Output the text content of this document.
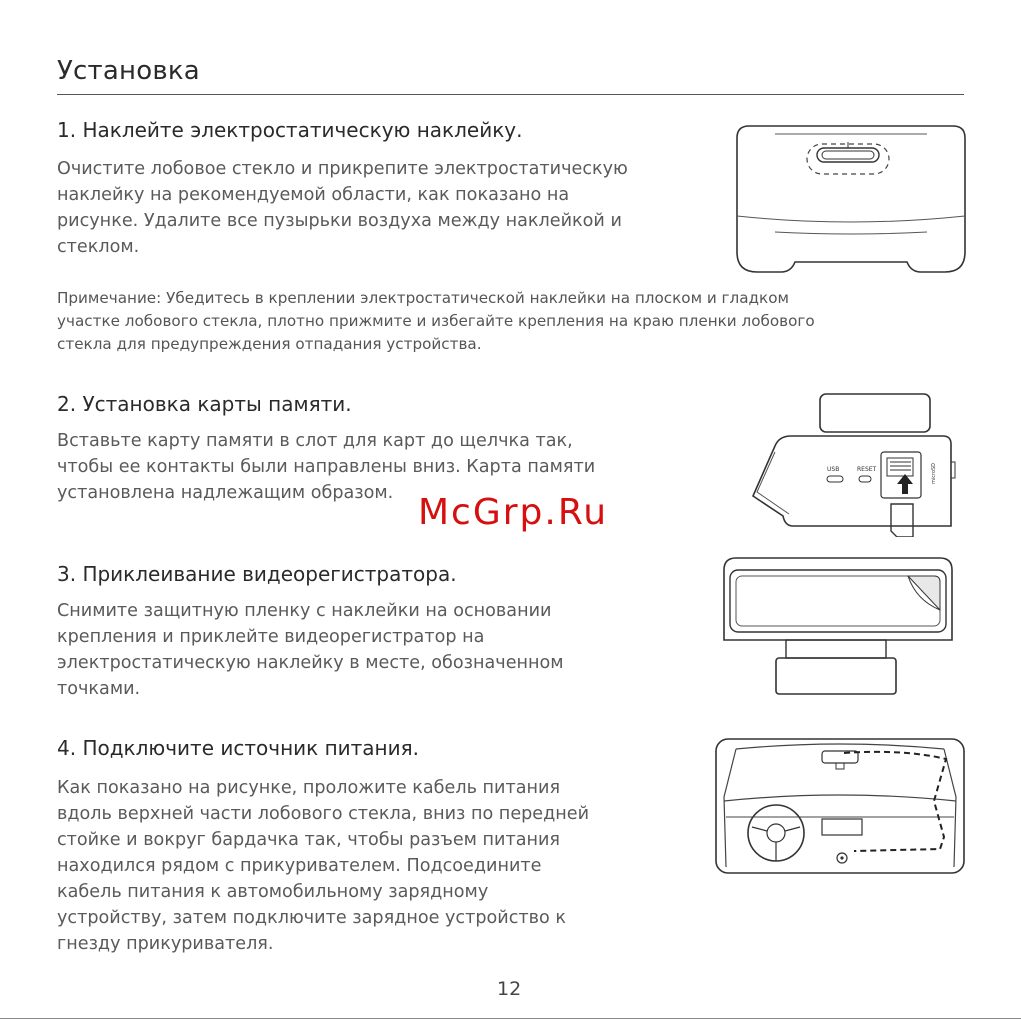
Установка
1. Наклейте электростатическую наклейку.
Очистите лобовое стекло и прикрепите электростатическую
наклейку на рекомендуемой области, как показано на
рисунке. Удалите все пузырьки воздуха между наклейкой и
стеклом.
Примечание: Убедитесь в креплении электростатической наклейки на плоском и гладком
участке лобового стекла, плотно прижмите и избегайте крепления на краю пленки лобового
стекла для предупреждения отпадания устройства.
2. Установка карты памяти.
Вставьте карту памяти в слот для карт до щелчка так,
чтобы ее контакты были направлены вниз. Карта памяти
установлена надлежащим образом.
3. Приклеивание видеорегистратора.
Снимите защитную пленку с наклейки на основании
крепления и приклейте видеорегистратор на
электростатическую наклейку в месте, обозначенном
точками.
4. Подключите источник питания.
Как показано на рисунке, проложите кабель питания
вдоль верхней части лобового стекла, вниз по передней
стойке и вокруг бардачка так, чтобы разъем питания
находился рядом с прикуривателем. Подсоедините
кабель питания к автомобильному зарядному
устройству, затем подключите зарядное устройство к
гнезду прикуривателя.
USB	RESET	microSD
McGrp.Ru
12
